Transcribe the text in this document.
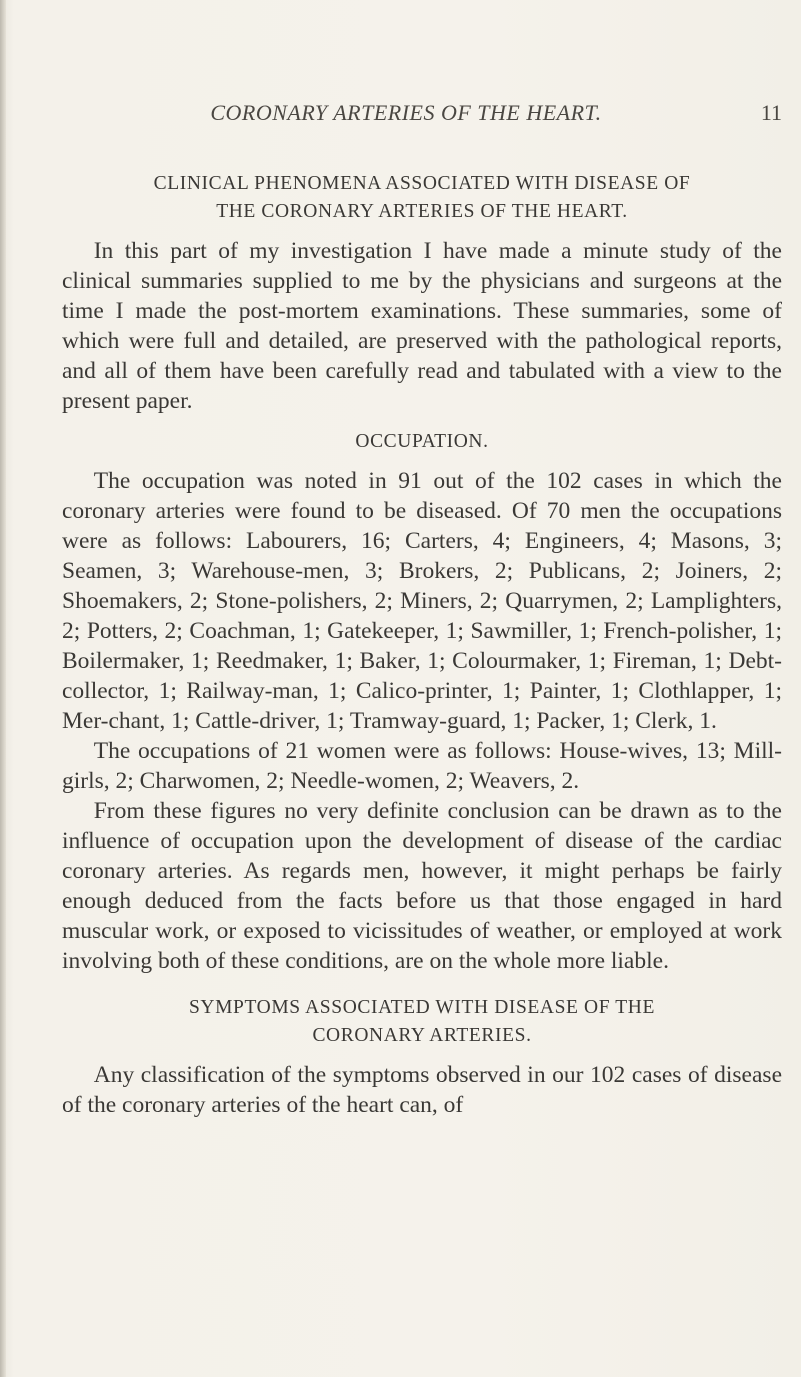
CORONARY ARTERIES OF THE HEART.	11
CLINICAL PHENOMENA ASSOCIATED WITH DISEASE OF
THE CORONARY ARTERIES OF THE HEART.

In this part of my investigation I have made a minute study of the clinical summaries supplied to me by the physicians and surgeons at the time I made the post-mortem examinations. These summaries, some of which were full and detailed, are preserved with the pathological reports, and all of them have been carefully read and tabulated with a view to the present paper.

OCCUPATION.

The occupation was noted in 91 out of the 102 cases in which the coronary arteries were found to be diseased. Of 70 men the occupations were as follows: Labourers, 16; Carters, 4; Engineers, 4; Masons, 3; Seamen, 3; Warehouse-men, 3; Brokers, 2; Publicans, 2; Joiners, 2; Shoemakers, 2; Stone-polishers, 2; Miners, 2; Quarrymen, 2; Lamplighters, 2; Potters, 2; Coachman, 1; Gatekeeper, 1; Sawmiller, 1; French-polisher, 1; Boilermaker, 1; Reedmaker, 1; Baker, 1; Colourmaker, 1; Fireman, 1; Debt-collector, 1; Railway-man, 1; Calico-printer, 1; Painter, 1; Clothlapper, 1; Mer-chant, 1; Cattle-driver, 1; Tramway-guard, 1; Packer, 1; Clerk, 1.

The occupations of 21 women were as follows: House-wives, 13; Mill-girls, 2; Charwomen, 2; Needle-women, 2; Weavers, 2.

From these figures no very definite conclusion can be drawn as to the influence of occupation upon the development of disease of the cardiac coronary arteries. As regards men, however, it might perhaps be fairly enough deduced from the facts before us that those engaged in hard muscular work, or exposed to vicissitudes of weather, or employed at work involving both of these conditions, are on the whole more liable.

SYMPTOMS ASSOCIATED WITH DISEASE OF THE
CORONARY ARTERIES.

Any classification of the symptoms observed in our 102 cases of disease of the coronary arteries of the heart can, of
